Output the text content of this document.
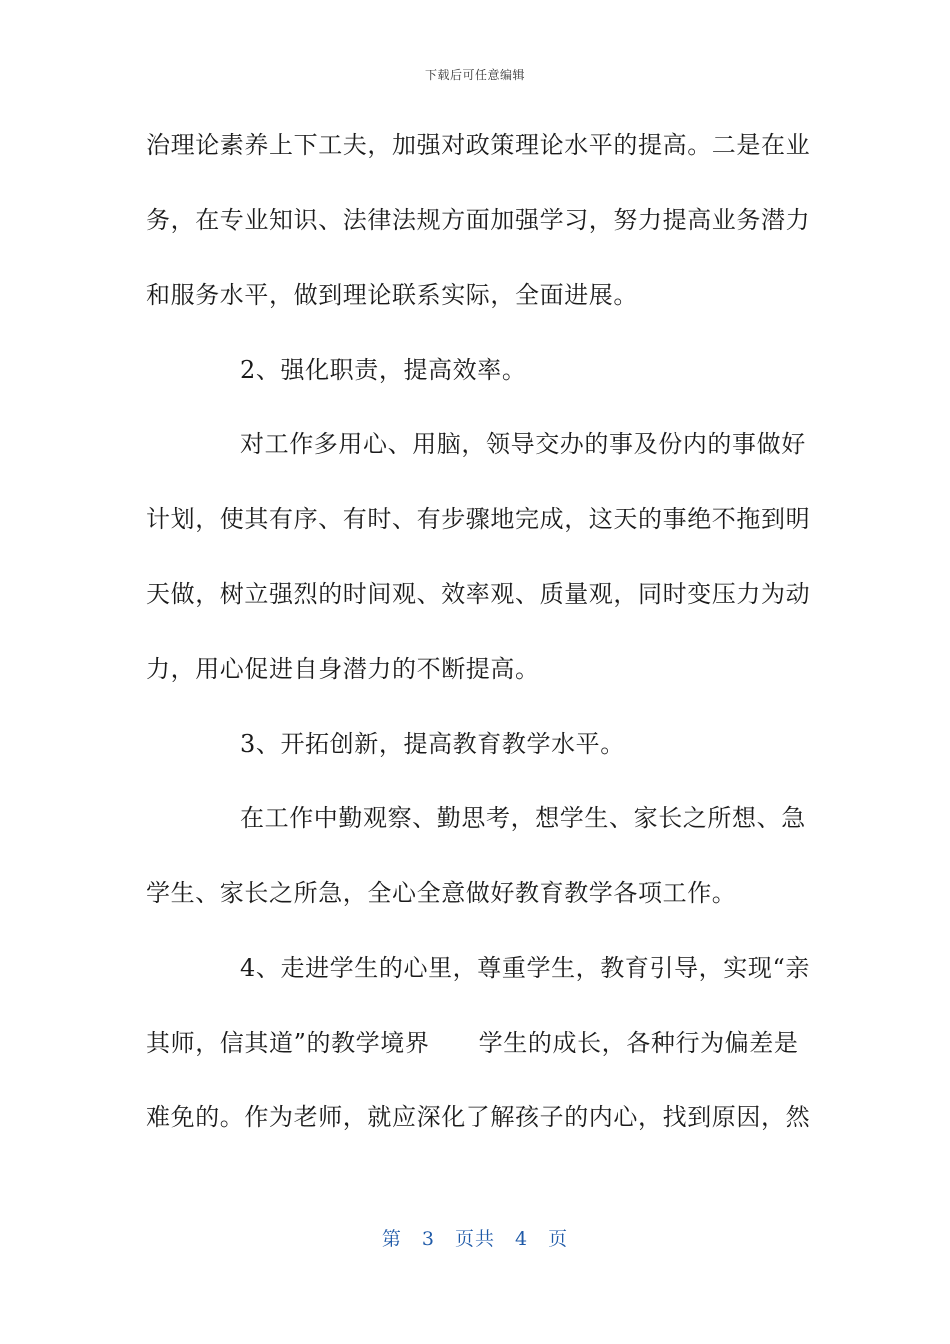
下载后可任意编辑
治理论素养上下工夫，加强对政策理论水平的提高。二是在业
务，在专业知识、法律法规方面加强学习，努力提高业务潜力
和服务水平，做到理论联系实际，全面进展。
2、强化职责，提高效率。
对工作多用心、用脑，领导交办的事及份内的事做好
计划，使其有序、有时、有步骤地完成，这天的事绝不拖到明
天做，树立强烈的时间观、效率观、质量观，同时变压力为动
力，用心促进自身潜力的不断提高。
3、开拓创新，提高教育教学水平。
在工作中勤观察、勤思考，想学生、家长之所想、急
学生、家长之所急，全心全意做好教育教学各项工作。
4、走进学生的心里，尊重学生，教育引导，实现“亲
其师，信其道”的教学境界　　学生的成长，各种行为偏差是
难免的。作为老师，就应深化了解孩子的内心，找到原因，然
第　3　页共　4　页
